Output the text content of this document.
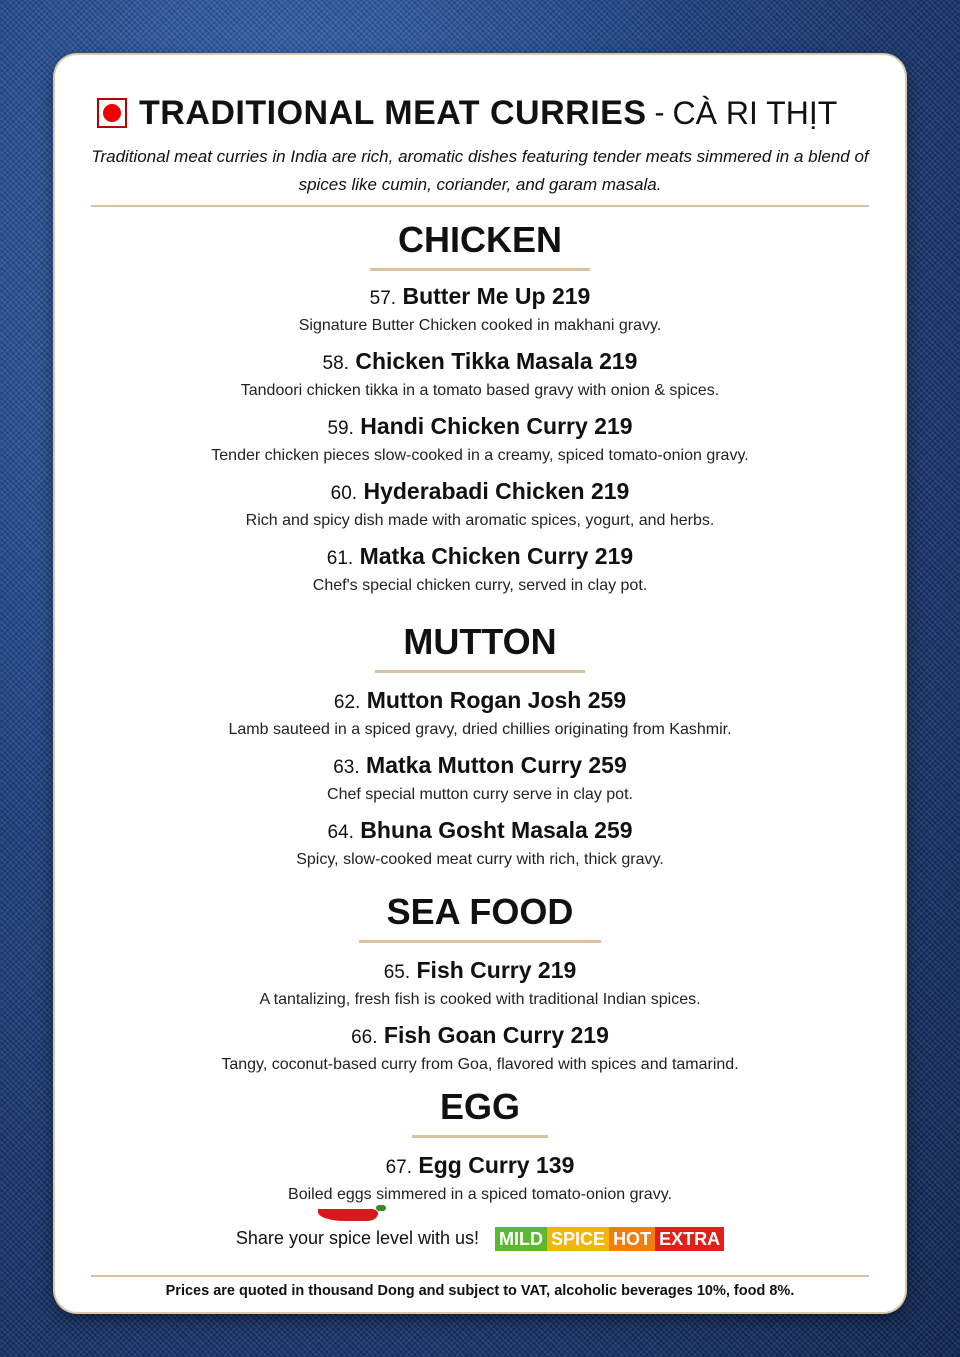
TRADITIONAL MEAT CURRIES - CÀ RI THỊT
Traditional meat curries in India are rich, aromatic dishes featuring tender meats simmered in a blend of spices like cumin, coriander, and garam masala.
CHICKEN
57. Butter Me Up 219
Signature Butter Chicken cooked in makhani gravy.
58. Chicken Tikka Masala 219
Tandoori chicken tikka in a tomato based gravy with onion & spices.
59. Handi Chicken Curry 219
Tender chicken pieces slow-cooked in a creamy, spiced tomato-onion gravy.
60. Hyderabadi Chicken 219
Rich and spicy dish made with aromatic spices, yogurt, and herbs.
61. Matka Chicken Curry 219
Chef's special chicken curry, served in clay pot.
MUTTON
62. Mutton Rogan Josh 259
Lamb sauteed in a spiced gravy, dried chillies originating from Kashmir.
63. Matka Mutton Curry 259
Chef special mutton curry serve in clay pot.
64. Bhuna Gosht Masala 259
Spicy, slow-cooked meat curry with rich, thick gravy.
SEA FOOD
65. Fish Curry 219
A tantalizing, fresh fish is cooked with traditional Indian spices.
66. Fish Goan Curry 219
Tangy, coconut-based curry from Goa, flavored with spices and tamarind.
EGG
67. Egg Curry 139
Boiled eggs simmered in a spiced tomato-onion gravy.
Share your spice level with us! MILD SPICE HOT EXTRA
Prices are quoted in thousand Dong and subject to VAT, alcoholic beverages 10%, food 8%.
